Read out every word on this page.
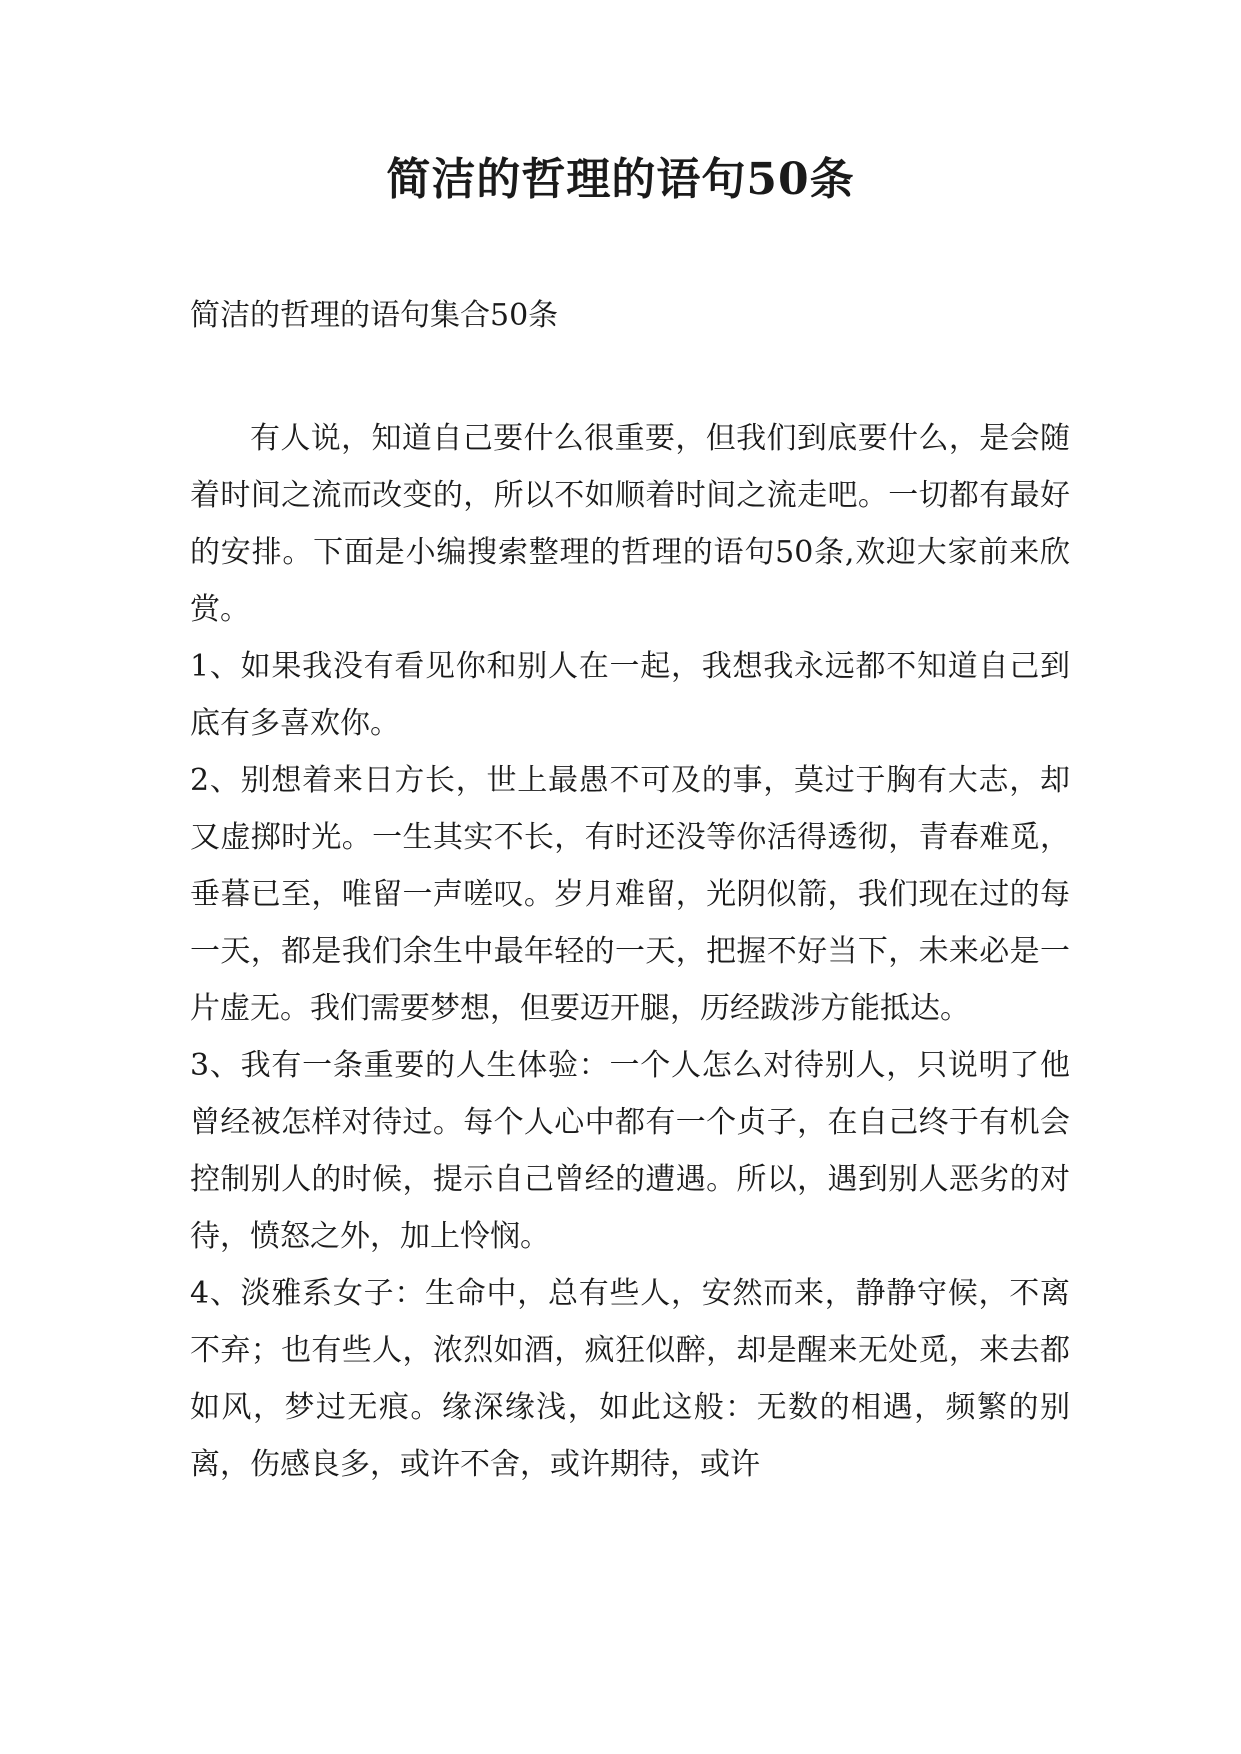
简洁的哲理的语句50条
简洁的哲理的语句集合50条

有人说，知道自己要什么很重要，但我们到底要什么，是会随着时间之流而改变的，所以不如顺着时间之流走吧。一切都有最好的安排。下面是小编搜索整理的哲理的语句50条,欢迎大家前来欣赏。

1、如果我没有看见你和别人在一起，我想我永远都不知道自己到底有多喜欢你。

2、别想着来日方长，世上最愚不可及的事，莫过于胸有大志，却又虚掷时光。一生其实不长，有时还没等你活得透彻，青春难觅，垂暮已至，唯留一声嗟叹。岁月难留，光阴似箭，我们现在过的每一天，都是我们余生中最年轻的一天，把握不好当下，未来必是一片虚无。我们需要梦想，但要迈开腿，历经跋涉方能抵达。

3、我有一条重要的人生体验：一个人怎么对待别人，只说明了他曾经被怎样对待过。每个人心中都有一个贞子，在自己终于有机会控制别人的时候，提示自己曾经的遭遇。所以，遇到别人恶劣的对待，愤怒之外，加上怜悯。

4、淡雅系女子：生命中，总有些人，安然而来，静静守候，不离不弃；也有些人，浓烈如酒，疯狂似醉，却是醒来无处觅，来去都如风，梦过无痕。缘深缘浅，如此这般：无数的相遇，频繁的别离，伤感良多，或许不舍，或许期待，或许
